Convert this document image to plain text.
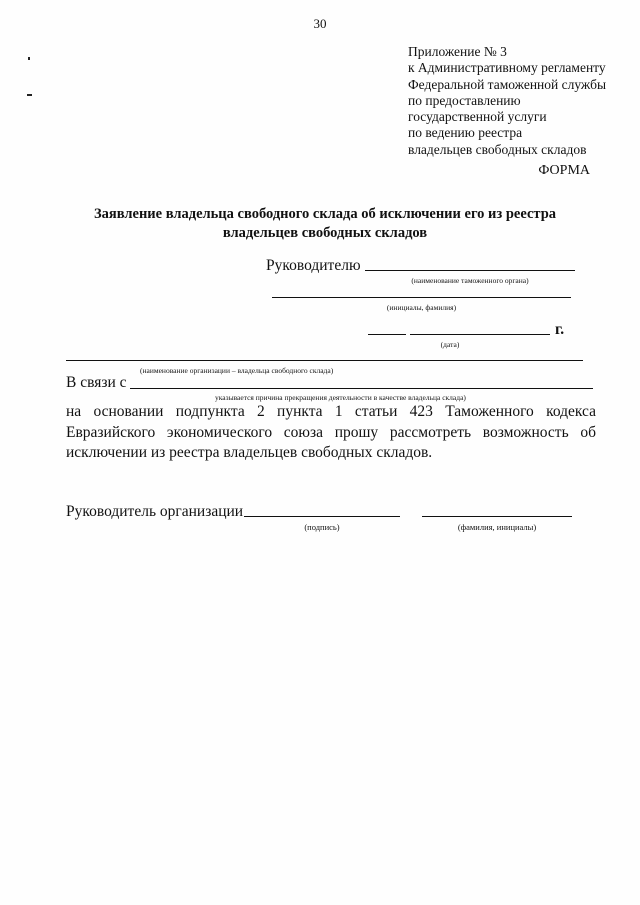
30
Приложение № 3
к Административному регламенту
Федеральной таможенной службы
по предоставлению
государственной услуги
по ведению реестра
владельцев свободных складов
ФОРМА
Заявление владельца свободного склада об исключении его из реестра
владельцев свободных складов
Руководителю
(наименование таможенного органа)
(инициалы, фамилия)
г.
(дата)
(наименование организации – владельца свободного склада)
В связи с
указывается причина прекращения деятельности в качестве владельца склада)
на основании подпункта 2 пункта 1 статьи 423 Таможенного кодекса Евразийского экономического союза прошу рассмотреть возможность об исключении из реестра владельцев свободных складов.
Руководитель организации
(подпись)	(фамилия, инициалы)
